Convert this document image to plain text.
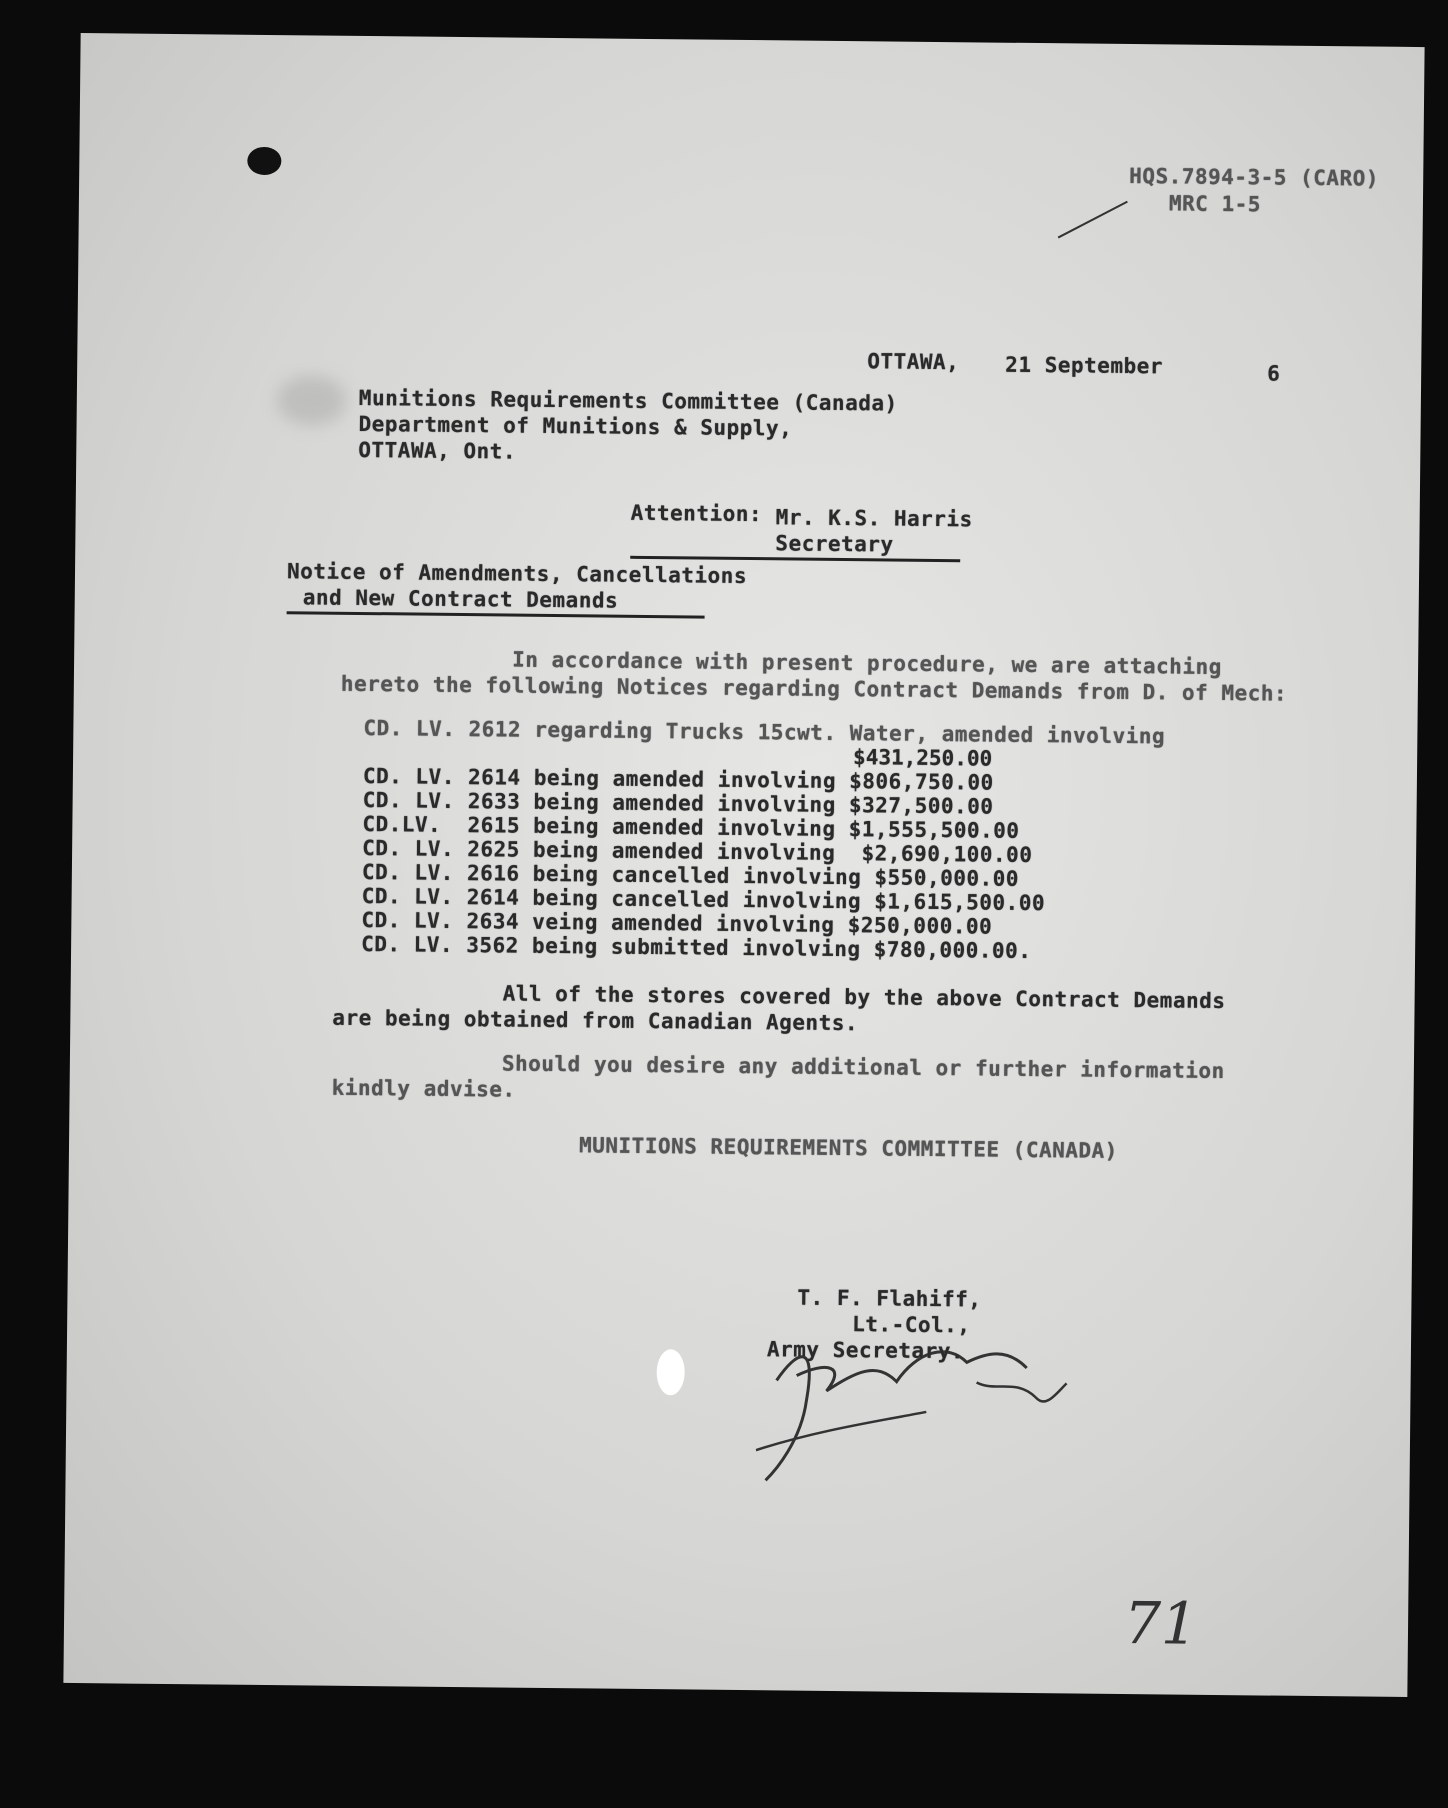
HQS.7894-3-5 (CARO)
MRC 1-5
OTTAWA, 21 September	6
Munitions Requirements Committee (Canada)
Department of Munitions & Supply,
OTTAWA, Ont.
Attention: Mr. K.S. Harris
Secretary
Notice of Amendments, Cancellations
and New Contract Demands
In accordance with present procedure, we are attaching
hereto the following Notices regarding Contract Demands from D. of Mech:
CD. LV. 2612 regarding Trucks 15cwt. Water, amended involving
$431,250.00
CD. LV. 2614 being amended involving $806,750.00
CD. LV. 2633 being amended involving $327,500.00
CD.LV.  2615 being amended involving $1,555,500.00
CD. LV. 2625 being amended involving  $2,690,100.00
CD. LV. 2616 being cancelled involving $550,000.00
CD. LV. 2614 being cancelled involving $1,615,500.00
CD. LV. 2634 veing amended involving $250,000.00
CD. LV. 3562 being submitted involving $780,000.00.
All of the stores covered by the above Contract Demands
are being obtained from Canadian Agents.
Should you desire any additional or further information
kindly advise.
MUNITIONS REQUIREMENTS COMMITTEE (CANADA)
T. F. Flahiff,
Lt.-Col.,
Army Secretary.
71
